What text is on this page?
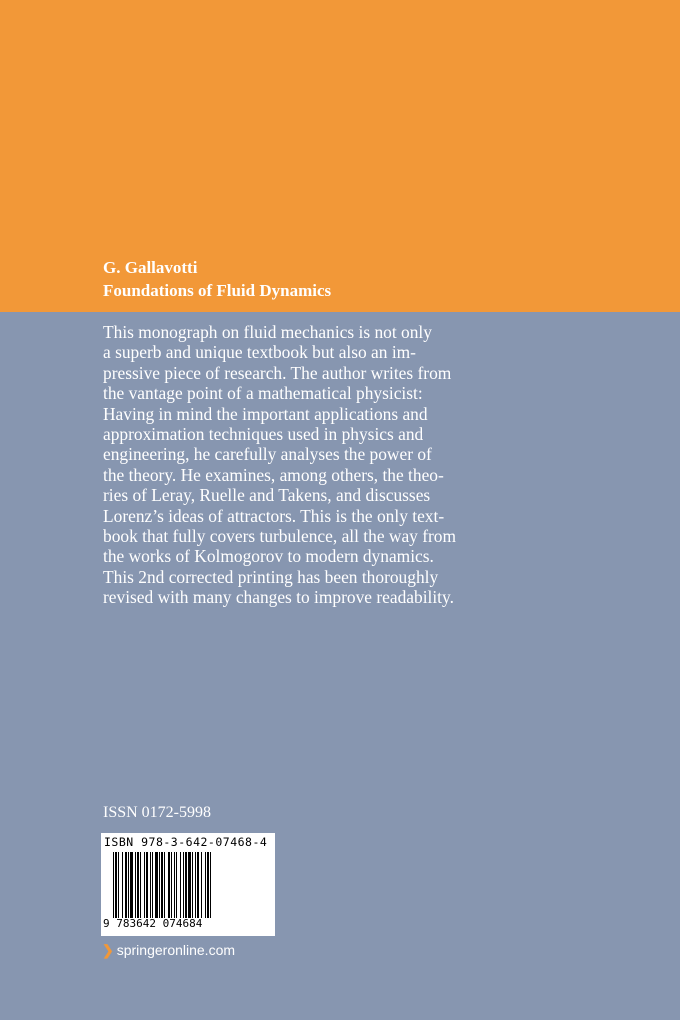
G. Gallavotti
Foundations of Fluid Dynamics
This monograph on fluid mechanics is not only
a superb and unique textbook but also an im-
pressive piece of research. The author writes from
the vantage point of a mathematical physicist:
Having in mind the important applications and
approximation techniques used in physics and
engineering, he carefully analyses the power of
the theory. He examines, among others, the theo-
ries of Leray, Ruelle and Takens, and discusses
Lorenz’s ideas of attractors. This is the only text-
book that fully covers turbulence, all the way from
the works of Kolmogorov to modern dynamics.
This 2nd corrected printing has been thoroughly
revised with many changes to improve readability.
ISSN 0172-5998
ISBN 978-3-642-07468-4
9 783642 074684
❯ springeronline.com
